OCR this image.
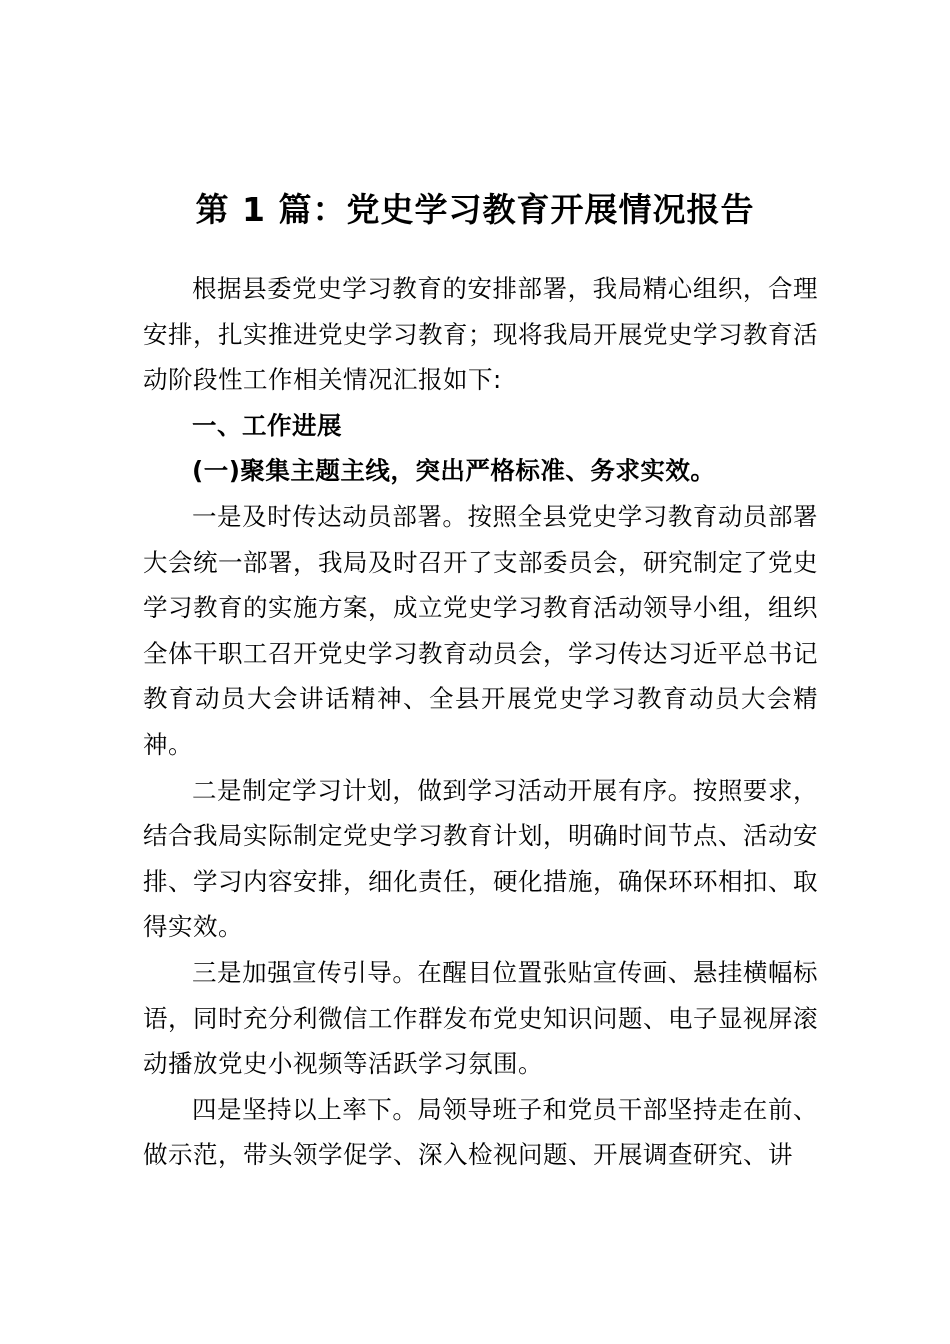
第 1 篇：党史学习教育开展情况报告

根据县委党史学习教育的安排部署，我局精心组织，合理安排，扎实推进党史学习教育；现将我局开展党史学习教育活动阶段性工作相关情况汇报如下:

一、工作进展

(一)聚集主题主线，突出严格标准、务求实效。

一是及时传达动员部署。按照全县党史学习教育动员部署大会统一部署，我局及时召开了支部委员会，研究制定了党史学习教育的实施方案，成立党史学习教育活动领导小组，组织全体干职工召开党史学习教育动员会，学习传达习近平总书记教育动员大会讲话精神、全县开展党史学习教育动员大会精神。

二是制定学习计划，做到学习活动开展有序。按照要求，结合我局实际制定党史学习教育计划，明确时间节点、活动安排、学习内容安排，细化责任，硬化措施，确保环环相扣、取得实效。

三是加强宣传引导。在醒目位置张贴宣传画、悬挂横幅标语，同时充分利微信工作群发布党史知识问题、电子显视屏滚动播放党史小视频等活跃学习氛围。

四是坚持以上率下。局领导班子和党员干部坚持走在前、做示范，带头领学促学、深入检视问题、开展调查研究、讲
